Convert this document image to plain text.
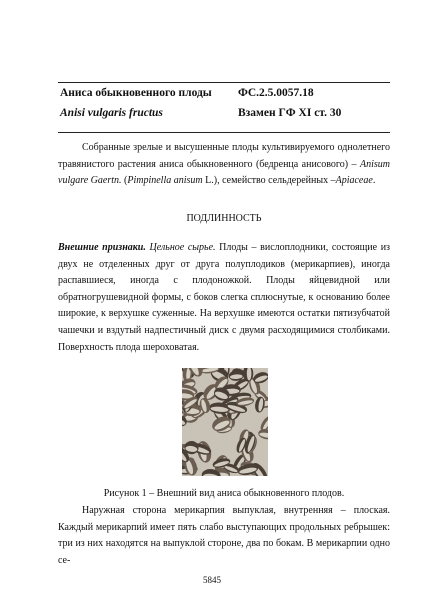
Аниса обыкновенного плоды ФС.2.5.0057.18
Anisi vulgaris fructus	Взамен ГФ XI ст. 30

Собранные зрелые и высушенные плоды культивируемого однолетнего травянистого растения аниса обыкновенного (бедренца анисового) – Anisum vulgare Gaertn. (Pimpinella anisum L.), семейство сельдерейных –Apiaceae.

ПОДЛИННОСТЬ

Внешние признаки. Цельное сырье. Плоды – вислоплодники, состоящие из двух не отделенных друг от друга полуплодиков (мерикарпиев), иногда распавшиеся, иногда с плодоножкой. Плоды яйцевидной или обратногрушевидной формы, с боков слегка сплюснутые, к основанию более широкие, к верхушке суженные. На верхушке имеются остатки пятизубчатой чашечки и вздутый надпестичный диск с двумя расходящимися столбиками. Поверхность плода шероховатая.

Рисунок 1 – Внешний вид аниса обыкновенного плодов.

Наружная сторона мерикарпия выпуклая, внутренняя – плоская. Каждый мерикарпий имеет пять слабо выступающих продольных ребрышек: три из них находятся на выпуклой стороне, два по бокам. В мерикарпии одно се-

5845
